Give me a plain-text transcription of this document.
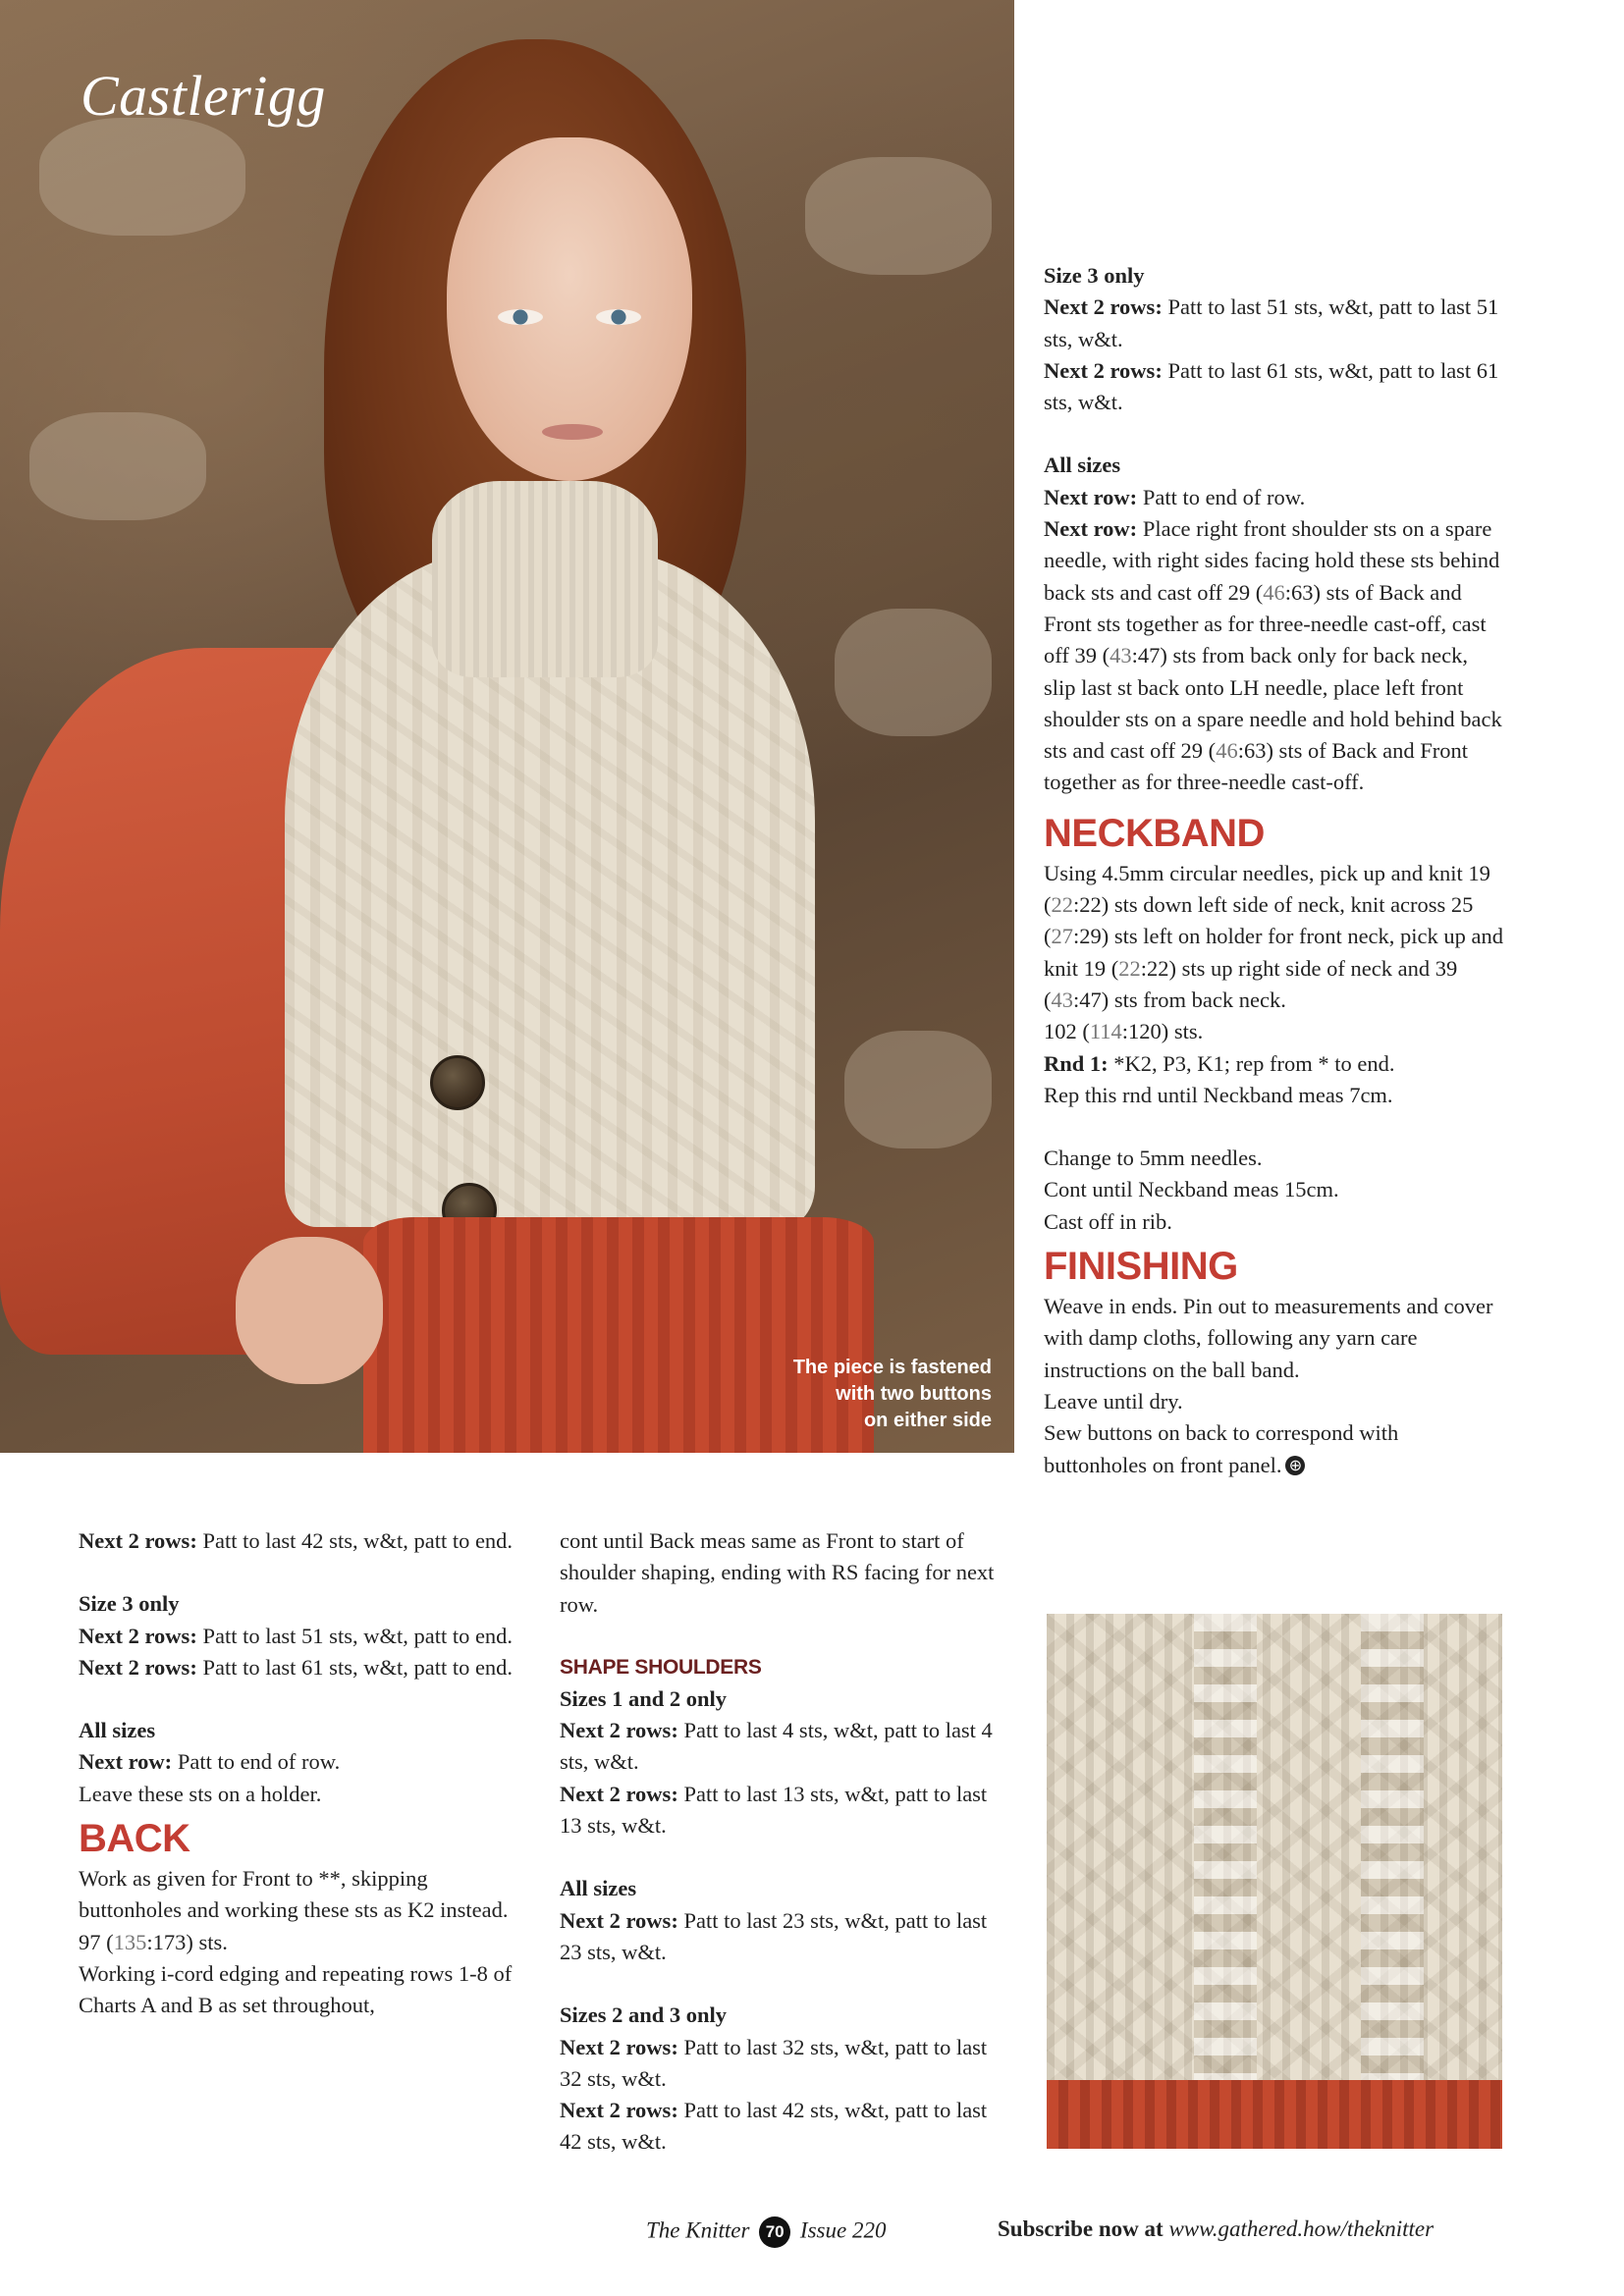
Castlerigg
The piece is fastened
with two buttons
on either side

Next 2 rows: Patt to last 42 sts, w&t, patt to end.

Size 3 only

Next 2 rows: Patt to last 51 sts, w&t, patt to end.

Next 2 rows: Patt to last 61 sts, w&t, patt to end.

All sizes

Next row: Patt to end of row.

Leave these sts on a holder.

BACK

Work as given for Front to **, skipping buttonholes and working these sts as K2 instead.

97 (135:173) sts.

Working i-cord edging and repeating rows 1-8 of Charts A and B as set throughout,

cont until Back meas same as Front to start of shoulder shaping, ending with RS facing for next row.

SHAPE SHOULDERS

Sizes 1 and 2 only

Next 2 rows: Patt to last 4 sts, w&t, patt to last 4 sts, w&t.

Next 2 rows: Patt to last 13 sts, w&t, patt to last 13 sts, w&t.

All sizes

Next 2 rows: Patt to last 23 sts, w&t, patt to last 23 sts, w&t.

Sizes 2 and 3 only

Next 2 rows: Patt to last 32 sts, w&t, patt to last 32 sts, w&t.

Next 2 rows: Patt to last 42 sts, w&t, patt to last 42 sts, w&t.

Size 3 only

Next 2 rows: Patt to last 51 sts, w&t, patt to last 51 sts, w&t.

Next 2 rows: Patt to last 61 sts, w&t, patt to last 61 sts, w&t.

All sizes

Next row: Patt to end of row.

Next row: Place right front shoulder sts on a spare needle, with right sides facing hold these sts behind back sts and cast off 29 (46:63) sts of Back and Front sts together as for three-needle cast-off, cast off 39 (43:47) sts from back only for back neck, slip last st back onto LH needle, place left front shoulder sts on a spare needle and hold behind back sts and cast off 29 (46:63) sts of Back and Front together as for three-needle cast-off.

NECKBAND

Using 4.5mm circular needles, pick up and knit 19 (22:22) sts down left side of neck, knit across 25 (27:29) sts left on holder for front neck, pick up and knit 19 (22:22) sts up right side of neck and 39 (43:47) sts from back neck.

102 (114:120) sts.

Rnd 1: *K2, P3, K1; rep from * to end.

Rep this rnd until Neckband meas 7cm.

Change to 5mm needles.

Cont until Neckband meas 15cm.

Cast off in rib.

FINISHING

Weave in ends. Pin out to measurements and cover with damp cloths, following any yarn care instructions on the ball band.

Leave until dry.

Sew buttons on back to correspond with buttonholes on front panel. ⊕

The Knitter 70 Issue 220	Subscribe now at www.gathered.how/theknitter
